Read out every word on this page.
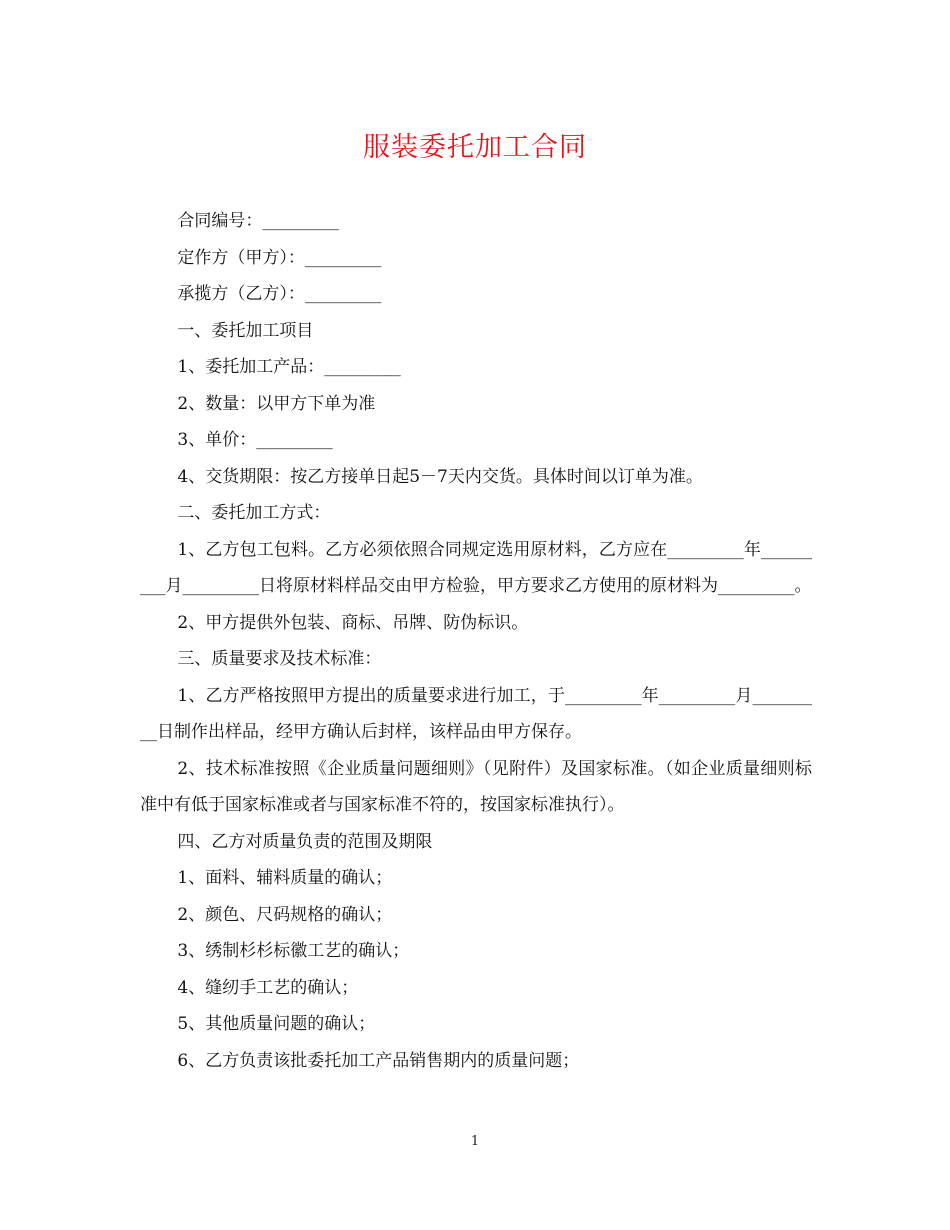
服装委托加工合同

合同编号：_________

定作方（甲方）：_________

承揽方（乙方）：_________

一、委托加工项目

1、委托加工产品：_________

2、数量：以甲方下单为准

3、单价：_________

4、交货期限：按乙方接单日起5－7天内交货。具体时间以订单为准。

二、委托加工方式：

1、乙方包工包料。乙方必须依照合同规定选用原材料，乙方应在_________年_________月_________日将原材料样品交由甲方检验，甲方要求乙方使用的原材料为_________。

2、甲方提供外包装、商标、吊牌、防伪标识。

三、质量要求及技术标准：

1、乙方严格按照甲方提出的质量要求进行加工，于_________年_________月_________日制作出样品，经甲方确认后封样，该样品由甲方保存。

2、技术标准按照《企业质量问题细则》（见附件）及国家标准。（如企业质量细则标准中有低于国家标准或者与国家标准不符的，按国家标准执行）。

四、乙方对质量负责的范围及期限

1、面料、辅料质量的确认；

2、颜色、尺码规格的确认；

3、绣制杉杉标徽工艺的确认；

4、缝纫手工艺的确认；

5、其他质量问题的确认；

6、乙方负责该批委托加工产品销售期内的质量问题；

1
